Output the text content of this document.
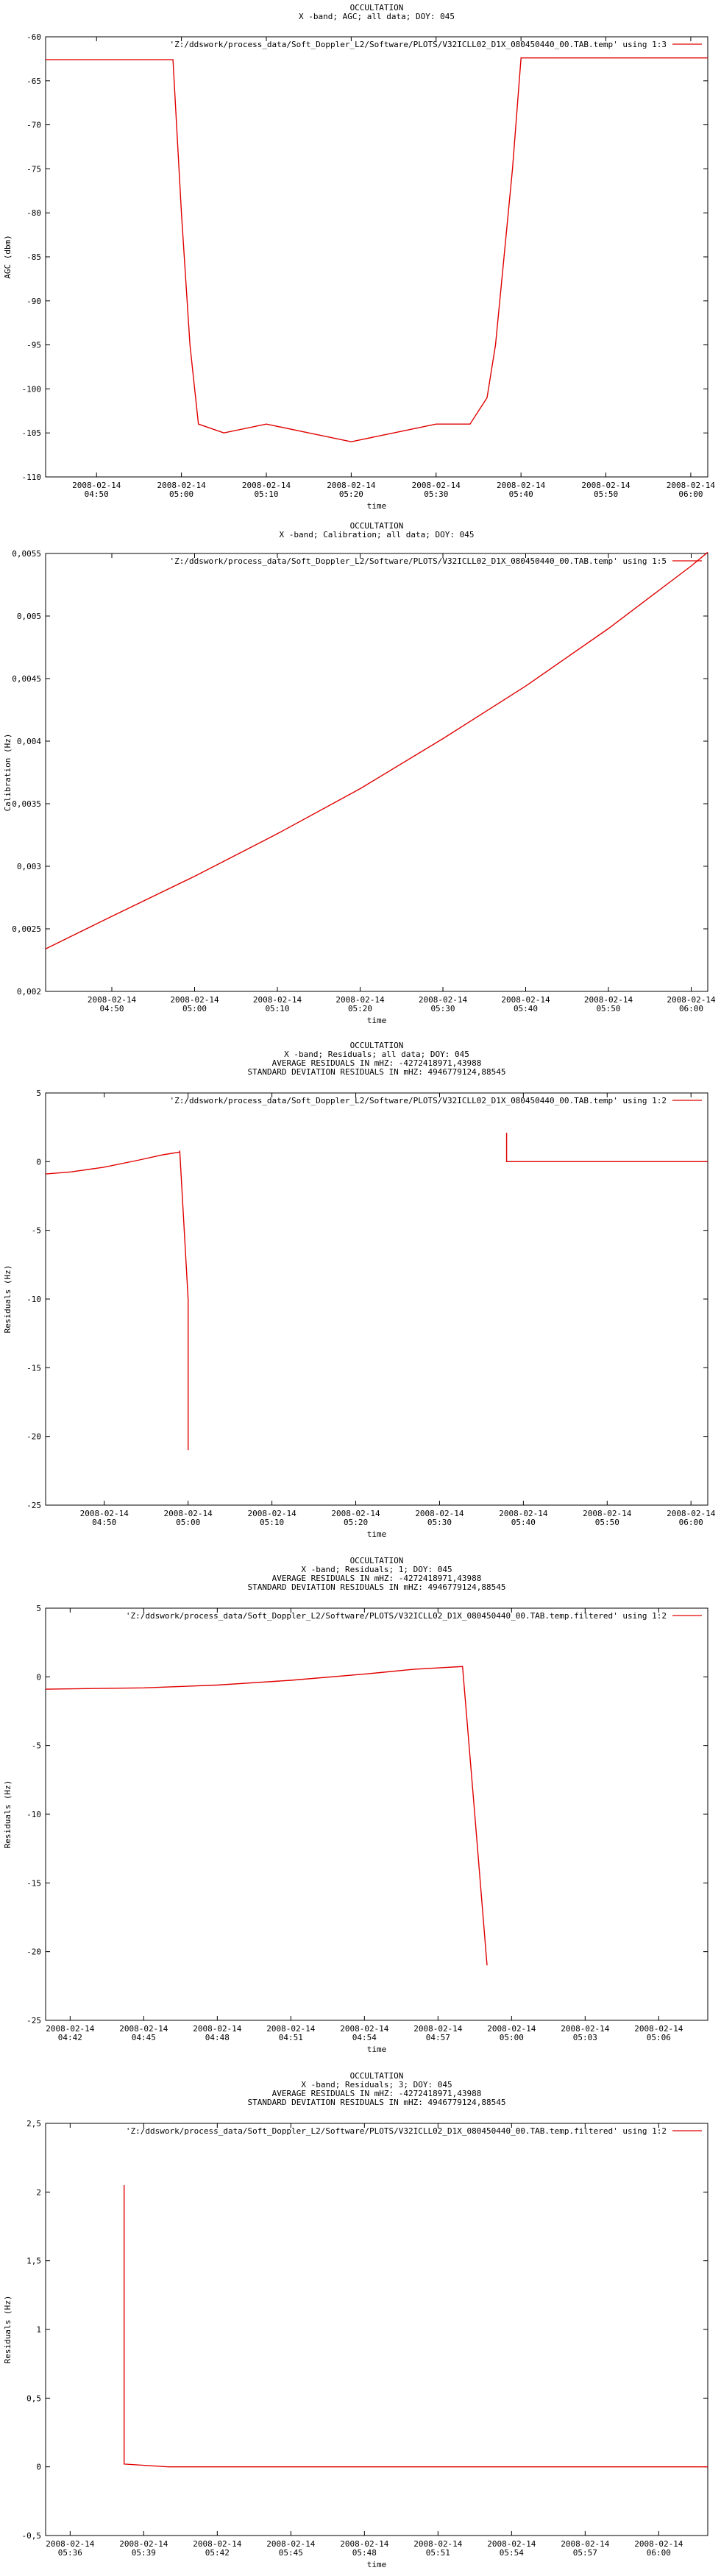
OCCULTATION
X -band; AGC; all data; DOY: 045
-60
-65
-70
-75
-80
-85
-90
-95
-100
-105
-110
2008-02-14 04:50
2008-02-14 05:00
2008-02-14 05:10
2008-02-14 05:20
2008-02-14 05:30
2008-02-14 05:40
2008-02-14 05:50
2008-02-14 06:00
time
AGC (dbm)
'Z:/ddswork/process_data/Soft_Doppler_L2/Software/PLOTS/V32ICLL02_D1X_080450440_00.TAB.temp' using 1:3
OCCULTATION
X -band; Calibration; all data; DOY: 045
0,0055
0,005
0,0045
0,004
0,0035
0,003
0,0025
0,002
2008-02-14 04:50
2008-02-14 05:00
2008-02-14 05:10
2008-02-14 05:20
2008-02-14 05:30
2008-02-14 05:40
2008-02-14 05:50
2008-02-14 06:00
time
Calibration (Hz)
'Z:/ddswork/process_data/Soft_Doppler_L2/Software/PLOTS/V32ICLL02_D1X_080450440_00.TAB.temp' using 1:5
OCCULTATION
X -band; Residuals; all data; DOY: 045
AVERAGE RESIDUALS IN mHZ: -4272418971,43988
STANDARD DEVIATION RESIDUALS IN mHZ: 4946779124,88545
5
0
-5
-10
-15
-20
-25
2008-02-14 04:50
2008-02-14 05:00
2008-02-14 05:10
2008-02-14 05:20
2008-02-14 05:30
2008-02-14 05:40
2008-02-14 05:50
2008-02-14 06:00
time
Residuals (Hz)
'Z:/ddswork/process_data/Soft_Doppler_L2/Software/PLOTS/V32ICLL02_D1X_080450440_00.TAB.temp' using 1:2
OCCULTATION
X -band; Residuals; 1; DOY: 045
AVERAGE RESIDUALS IN mHZ: -4272418971,43988
STANDARD DEVIATION RESIDUALS IN mHZ: 4946779124,88545
5
0
-5
-10
-15
-20
-25
2008-02-14 04:42
2008-02-14 04:45
2008-02-14 04:48
2008-02-14 04:51
2008-02-14 04:54
2008-02-14 04:57
2008-02-14 05:00
2008-02-14 05:03
2008-02-14 05:06
time
Residuals (Hz)
'Z:/ddswork/process_data/Soft_Doppler_L2/Software/PLOTS/V32ICLL02_D1X_080450440_00.TAB.temp.filtered' using 1:2
OCCULTATION
X -band; Residuals; 3; DOY: 045
AVERAGE RESIDUALS IN mHZ: -4272418971,43988
STANDARD DEVIATION RESIDUALS IN mHZ: 4946779124,88545
2,5
2
1,5
1
0,5
0
-0,5
2008-02-14 05:36
2008-02-14 05:39
2008-02-14 05:42
2008-02-14 05:45
2008-02-14 05:48
2008-02-14 05:51
2008-02-14 05:54
2008-02-14 05:57
2008-02-14 06:00
time
Residuals (Hz)
'Z:/ddswork/process_data/Soft_Doppler_L2/Software/PLOTS/V32ICLL02_D1X_080450440_00.TAB.temp.filtered' using 1:2
